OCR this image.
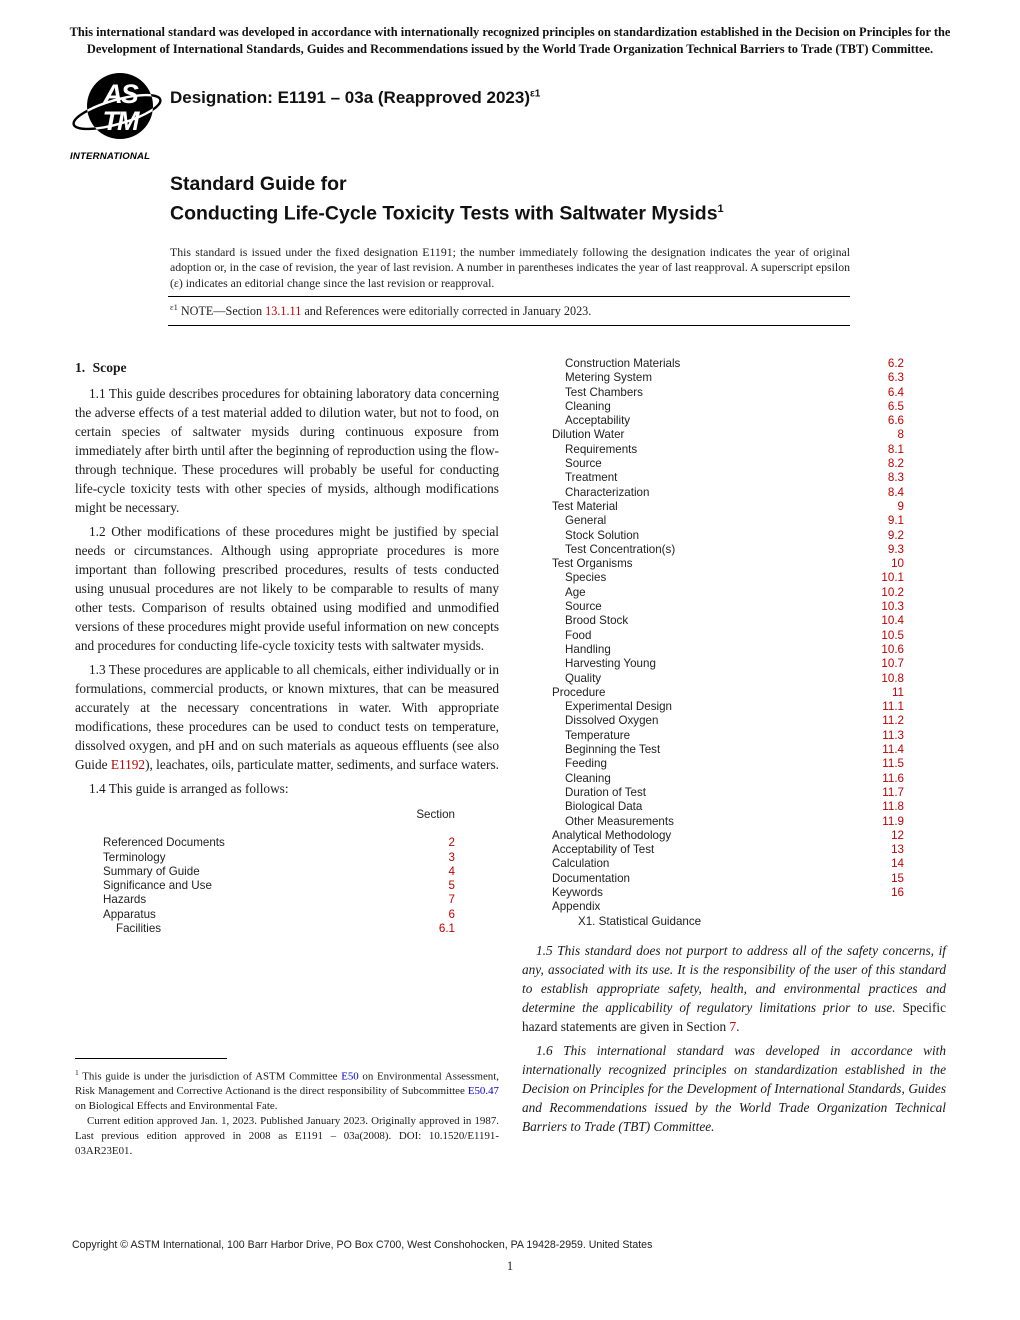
This international standard was developed in accordance with internationally recognized principles on standardization established in the Decision on Principles for the Development of International Standards, Guides and Recommendations issued by the World Trade Organization Technical Barriers to Trade (TBT) Committee.

AS
TM
INTERNATIONAL
Designation: E1191 – 03a (Reapproved 2023)$^{\varepsilon 1}$
Standard Guide for
Conducting Life-Cycle Toxicity Tests with Saltwater Mysids$^1$

This standard is issued under the fixed designation E1191; the number immediately following the designation indicates the year of original adoption or, in the case of revision, the year of last revision. A number in parentheses indicates the year of last reapproval. A superscript epsilon (ε) indicates an editorial change since the last revision or reapproval.

$^{\varepsilon 1}$ NOTE—Section 13.1.11 and References were editorially corrected in January 2023.
1. Scope

1.1 This guide describes procedures for obtaining laboratory data concerning the adverse effects of a test material added to dilution water, but not to food, on certain species of saltwater mysids during continuous exposure from immediately after birth until after the beginning of reproduction using the flow-through technique. These procedures will probably be useful for conducting life-cycle toxicity tests with other species of mysids, although modifications might be necessary.

1.2 Other modifications of these procedures might be justified by special needs or circumstances. Although using appropriate procedures is more important than following prescribed procedures, results of tests conducted using unusual procedures are not likely to be comparable to results of many other tests. Comparison of results obtained using modified and unmodified versions of these procedures might provide useful information on new concepts and procedures for conducting life-cycle toxicity tests with saltwater mysids.

1.3 These procedures are applicable to all chemicals, either individually or in formulations, commercial products, or known mixtures, that can be measured accurately at the necessary concentrations in water. With appropriate modifications, these procedures can be used to conduct tests on temperature, dissolved oxygen, and pH and on such materials as aqueous effluents (see also Guide E1192), leachates, oils, particulate matter, sediments, and surface waters.

1.4 This guide is arranged as follows:

Section
Referenced Documents	2
Terminology	3
Summary of Guide	4
Significance and Use	5
Hazards	7
Apparatus	6
Facilities	6.1
Construction Materials	6.2
Metering System	6.3
Test Chambers	6.4
Cleaning	6.5
Acceptability	6.6
Dilution Water	8
Requirements	8.1
Source	8.2
Treatment	8.3
Characterization	8.4
Test Material	9
General	9.1
Stock Solution	9.2
Test Concentration(s)	9.3
Test Organisms	10
Species	10.1
Age	10.2
Source	10.3
Brood Stock	10.4
Food	10.5
Handling	10.6
Harvesting Young	10.7
Quality	10.8
Procedure	11
Experimental Design	11.1
Dissolved Oxygen	11.2
Temperature	11.3
Beginning the Test	11.4
Feeding	11.5
Cleaning	11.6
Duration of Test	11.7
Biological Data	11.8
Other Measurements	11.9
Analytical Methodology	12
Acceptability of Test	13
Calculation	14
Documentation	15
Keywords	16
Appendix
X1. Statistical Guidance

1.5 This standard does not purport to address all of the safety concerns, if any, associated with its use. It is the responsibility of the user of this standard to establish appropriate safety, health, and environmental practices and determine the applicability of regulatory limitations prior to use. Specific hazard statements are given in Section 7.

1.6 This international standard was developed in accordance with internationally recognized principles on standardization established in the Decision on Principles for the Development of International Standards, Guides and Recommendations issued by the World Trade Organization Technical Barriers to Trade (TBT) Committee.

$^1$ This guide is under the jurisdiction of ASTM Committee E50 on Environmental Assessment, Risk Management and Corrective Actionand is the direct responsibility of Subcommittee E50.47 on Biological Effects and Environmental Fate.

Current edition approved Jan. 1, 2023. Published January 2023. Originally approved in 1987. Last previous edition approved in 2008 as E1191 – 03a(2008). DOI: 10.1520/E1191-03AR23E01.

Copyright © ASTM International, 100 Barr Harbor Drive, PO Box C700, West Conshohocken, PA 19428-2959. United States
1
